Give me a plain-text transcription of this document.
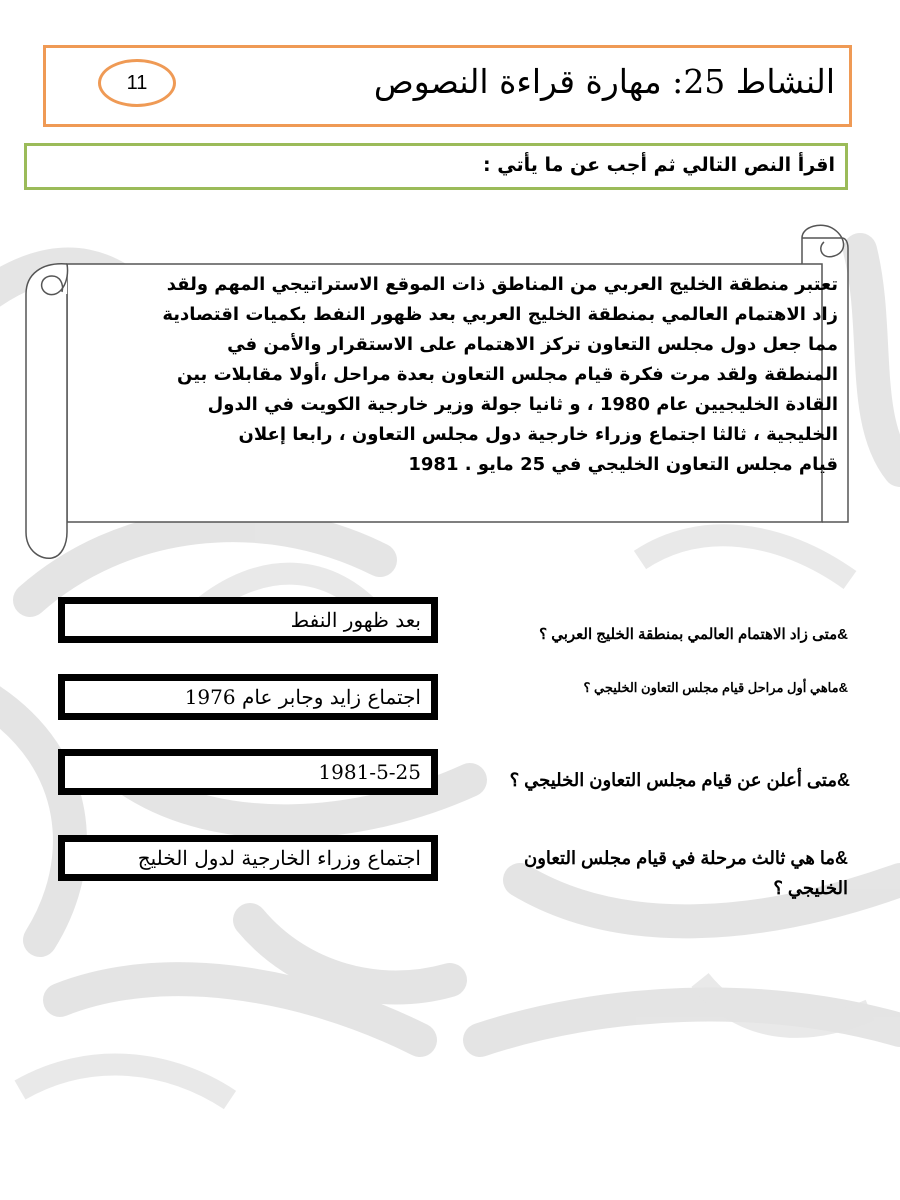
11	النشاط 25: مهارة قراءة النصوص
اقرأ النص التالي ثم أجب عن ما يأتي :

تعتبر منطقة الخليج العربي من المناطق ذات الموقع الاستراتيجي المهم ولقد

زاد الاهتمام العالمي بمنطقة الخليج العربي بعد ظهور النفط بكميات اقتصادية

مما جعل دول مجلس التعاون تركز الاهتمام على الاستقرار والأمن في

المنطقة ولقد مرت فكرة قيام مجلس التعاون بعدة مراحل ،أولا مقابلات بين

القادة الخليجيين عام 1980 ، و ثانيا جولة وزير خارجية الكويت في الدول

الخليجية ، ثالثا اجتماع وزراء خارجية دول مجلس التعاون ، رابعا إعلان

قيام مجلس التعاون الخليجي في 25 مايو . 1981

بعد ظهور النفط
&متى زاد الاهتمام العالمي بمنطقة الخليج العربي ؟
اجتماع زايد وجابر عام 1976	&ماهي أول مراحل قيام مجلس التعاون الخليجي ؟
1981-5-25	&متى أعلن عن قيام مجلس التعاون الخليجي ؟
اجتماع وزراء الخارجية لدول الخليج	&ما هي ثالث مرحلة في قيام مجلس التعاون
الخليجي ؟
